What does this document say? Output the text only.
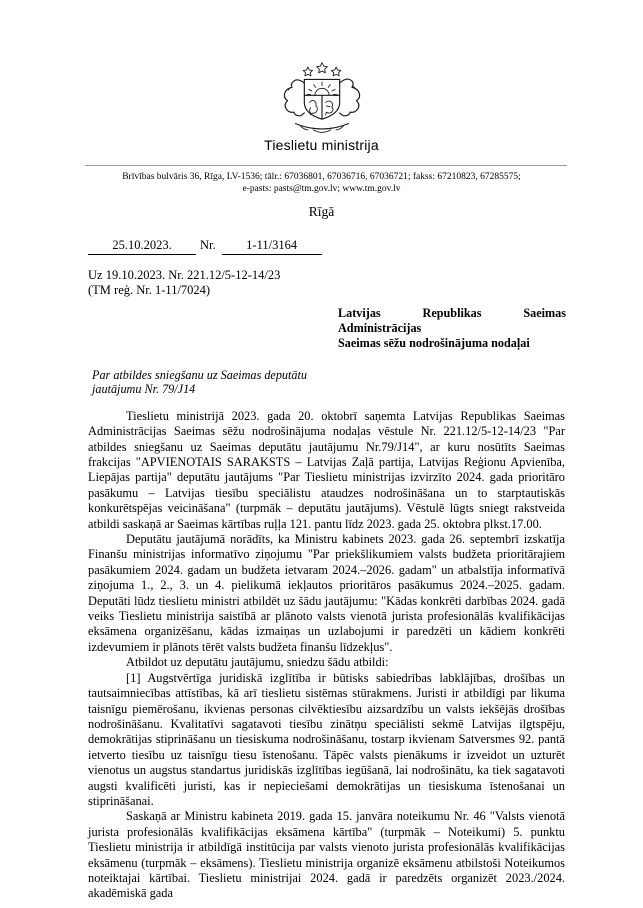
Tieslietu ministrija
Brīvības bulvāris 36, Rīga, LV-1536; tālr.: 67036801, 67036716, 67036721; fakss: 67210823, 67285575;
e-pasts: pasts@tm.gov.lv; www.tm.gov.lv
Rīgā
25.10.2023. Nr. 1-11/3164
Uz 19.10.2023. Nr. 221.12/5-12-14/23
(TM reģ. Nr. 1-11/7024)
Latvijas Republikas Saeimas Administrācijas
Saeimas sēžu nodrošinājuma nodaļai
Par atbildes sniegšanu uz Saeimas deputātu
jautājumu Nr. 79/J14

Tieslietu ministrijā 2023. gada 20. oktobrī saņemta Latvijas Republikas Saeimas Administrācijas Saeimas sēžu nodrošinājuma nodaļas vēstule Nr. 221.12/5-12-14/23 "Par atbildes sniegšanu uz Saeimas deputātu jautājumu Nr.79/J14", ar kuru nosūtīts Saeimas frakcijas "APVIENOTAIS SARAKSTS – Latvijas Zaļā partija, Latvijas Reģionu Apvienība, Liepājas partija" deputātu jautājums "Par Tieslietu ministrijas izvirzīto 2024. gada prioritāro pasākumu – Latvijas tiesību speciālistu ataudzes nodrošināšana un to starptautiskās konkurētspējas veicināšana" (turpmāk – deputātu jautājums). Vēstulē lūgts sniegt rakstveida atbildi saskaņā ar Saeimas kārtības ruļļa 121. pantu līdz 2023. gada 25. oktobra plkst.17.00.

Deputātu jautājumā norādīts, ka Ministru kabinets 2023. gada 26. septembrī izskatīja Finanšu ministrijas informatīvo ziņojumu "Par priekšlikumiem valsts budžeta prioritārajiem pasākumiem 2024. gadam un budžeta ietvaram 2024.–2026. gadam" un atbalstīja informatīvā ziņojuma 1., 2., 3. un 4. pielikumā iekļautos prioritāros pasākumus 2024.–2025. gadam. Deputāti lūdz tieslietu ministri atbildēt uz šādu jautājumu: "Kādas konkrēti darbības 2024. gadā veiks Tieslietu ministrija saistībā ar plānoto valsts vienotā jurista profesionālās kvalifikācijas eksāmena organizēšanu, kādas izmaiņas un uzlabojumi ir paredzēti un kādiem konkrēti izdevumiem ir plānots tērēt valsts budžeta finanšu līdzekļus".

Atbildot uz deputātu jautājumu, sniedzu šādu atbildi:

[1] Augstvērtīga juridiskā izglītība ir būtisks sabiedrības labklājības, drošības un tautsaimniecības attīstības, kā arī tieslietu sistēmas stūrakmens. Juristi ir atbildīgi par likuma taisnīgu piemērošanu, ikvienas personas cilvēktiesību aizsardzību un valsts iekšējās drošības nodrošināšanu. Kvalitatīvi sagatavoti tiesību zinātņu speciālisti sekmē Latvijas ilgtspēju, demokrātijas stiprināšanu un tiesiskuma nodrošināšanu, tostarp ikvienam Satversmes 92. pantā ietverto tiesību uz taisnīgu tiesu īstenošanu. Tāpēc valsts pienākums ir izveidot un uzturēt vienotus un augstus standartus juridiskās izglītības iegūšanā, lai nodrošinātu, ka tiek sagatavoti augsti kvalificēti juristi, kas ir nepieciešami demokrātijas un tiesiskuma īstenošanai un stiprināšanai.

Saskaņā ar Ministru kabineta 2019. gada 15. janvāra noteikumu Nr. 46 "Valsts vienotā jurista profesionālās kvalifikācijas eksāmena kārtība" (turpmāk – Noteikumi) 5. punktu Tieslietu ministrija ir atbildīgā institūcija par valsts vienoto jurista profesionālās kvalifikācijas eksāmenu (turpmāk – eksāmens). Tieslietu ministrija organizē eksāmenu atbilstoši Noteikumos noteiktajai kārtībai. Tieslietu ministrijai 2024. gadā ir paredzēts organizēt 2023./2024. akadēmiskā gada
